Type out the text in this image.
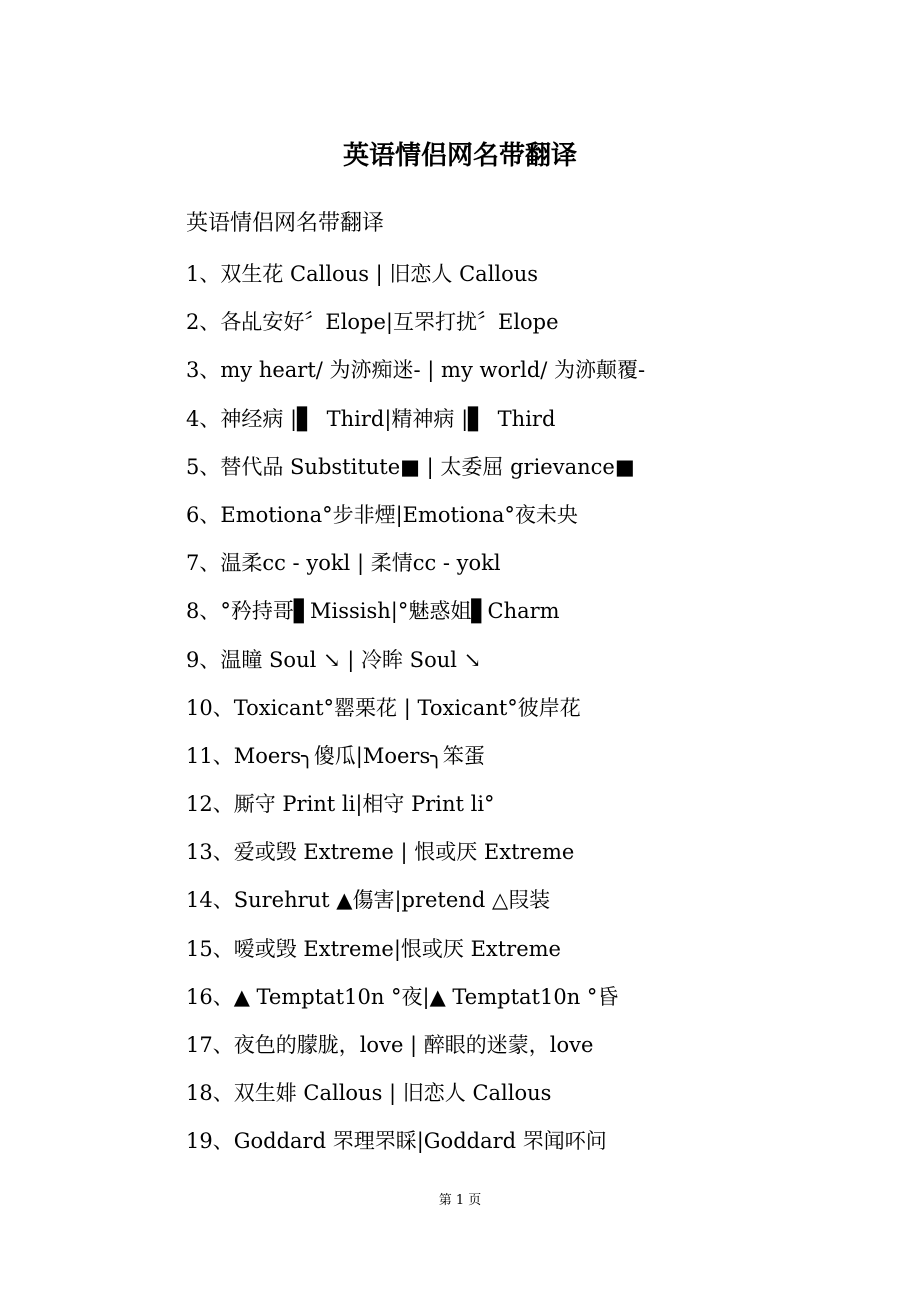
英语情侣网名带翻译

英语情侣网名带翻译

1、双生花 Callous | 旧恋人 Callous
2、各乩安好〞Elope|互罘打扰〞Elope
3、my heart/ 为洂痴迷- | my world/ 为洂颠覆-
4、神经病 |▋  Third|精神病 |▋  Third
5、替代品 Substitute■ | 太委屈 grievance■
6、Emotiona°步非煙|Emotiona°夜未央
7、温柔cc - yokl | 柔情cc - yokl
8、°矜持哥▋Missish|°魅惑姐▋Charm
9、温瞳 Soul ↘ | 冷眸 Soul ↘
10、Toxicant°罂栗花 | Toxicant°彼岸花
11、Moers╮傻瓜|Moers╮笨蛋
12、厮守 Print li|相守 Print li°
13、爱或毁 Extreme | 恨或厌 Extreme
14、Surehrut ▲傷害|pretend △叚装
15、嗳或毁 Extreme|恨或厌 Extreme
16、▲ Temptat10n °夜|▲ Temptat10n °昏
17、夜色的朦胧，love | 醉眼的迷蒙，love
18、双生婔 Callous | 旧恋人 Callous
19、Goddard 罘理罘睬|Goddard 罘闻吥问

第 1 页
